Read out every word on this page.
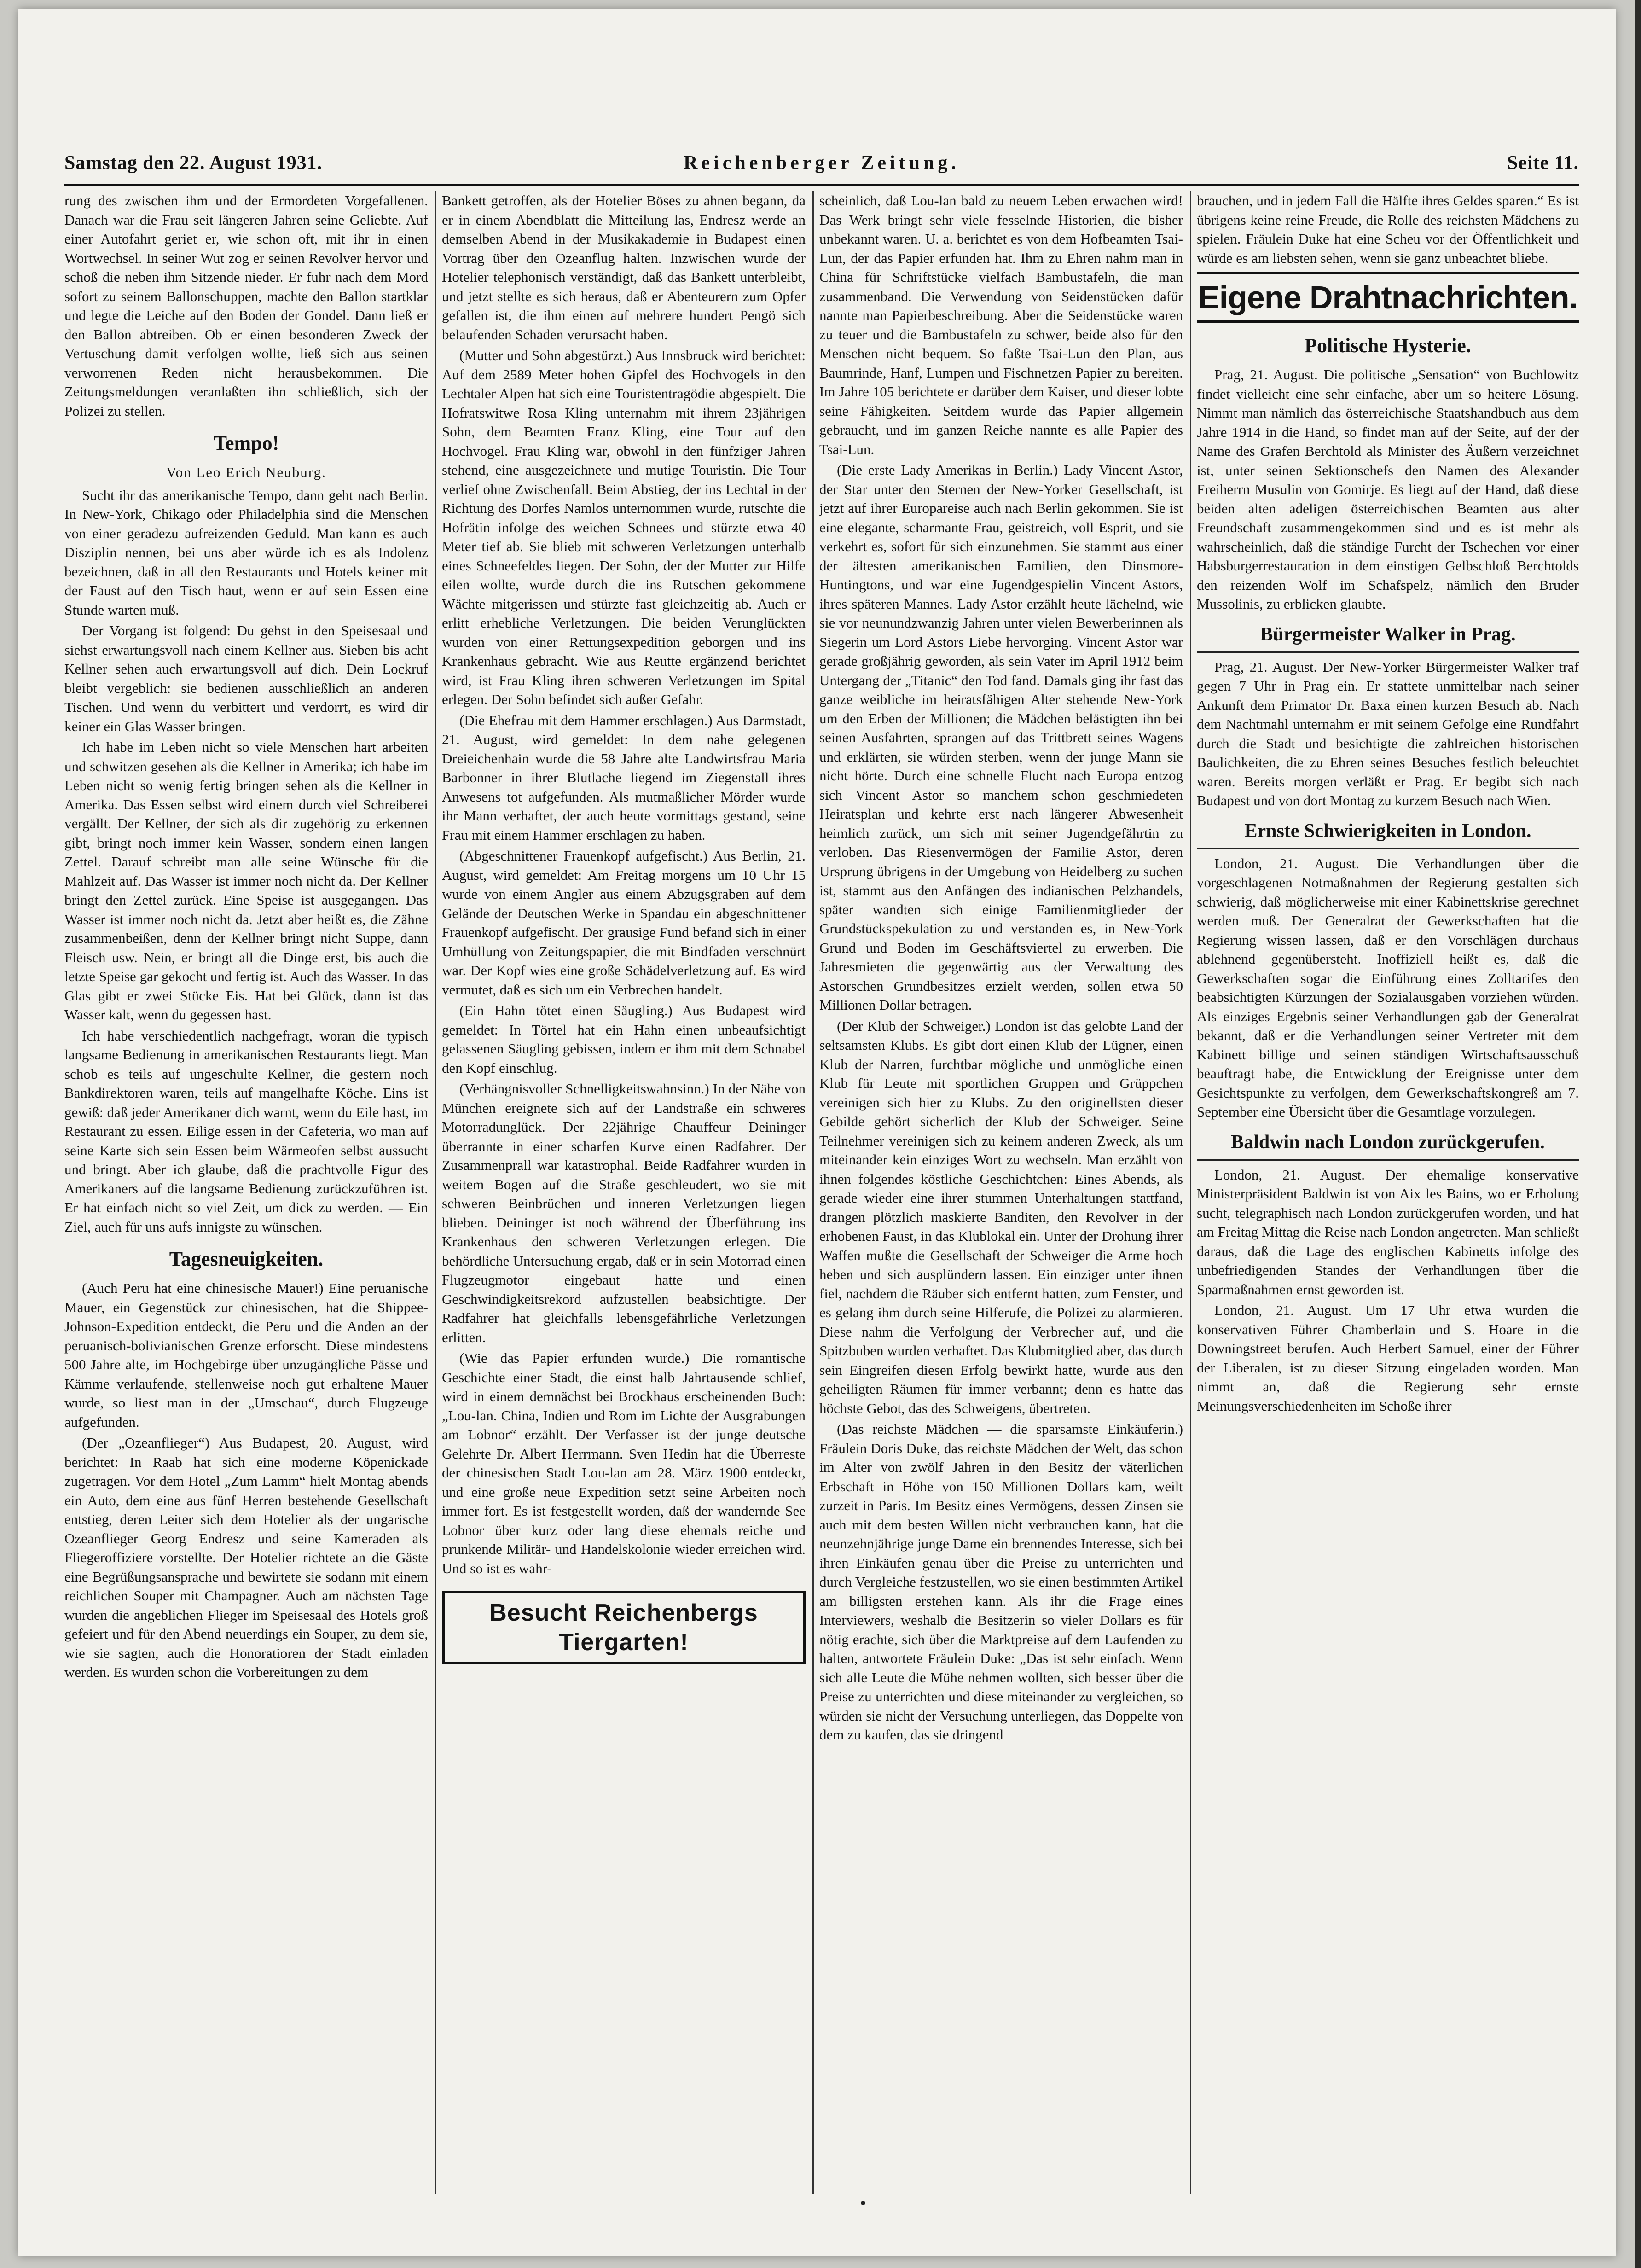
Samstag den 22. August 1931.	Reichenberger Zeitung.	Seite 11.

rung des zwischen ihm und der Ermordeten Vorgefallenen. Danach war die Frau seit längeren Jahren seine Geliebte. Auf einer Autofahrt geriet er, wie schon oft, mit ihr in einen Wortwechsel. In seiner Wut zog er seinen Revolver hervor und schoß die neben ihm Sitzende nieder. Er fuhr nach dem Mord sofort zu seinem Ballonschuppen, machte den Ballon startklar und legte die Leiche auf den Boden der Gondel. Dann ließ er den Ballon abtreiben. Ob er einen besonderen Zweck der Vertuschung damit verfolgen wollte, ließ sich aus seinen verworrenen Reden nicht herausbekommen. Die Zeitungsmeldungen veranlaßten ihn schließlich, sich der Polizei zu stellen.

Tempo!
Von Leo Erich Neuburg.

Sucht ihr das amerikanische Tempo, dann geht nach Berlin. In New-York, Chikago oder Philadelphia sind die Menschen von einer geradezu aufreizenden Geduld. Man kann es auch Disziplin nennen, bei uns aber würde ich es als Indolenz bezeichnen, daß in all den Restaurants und Hotels keiner mit der Faust auf den Tisch haut, wenn er auf sein Essen eine Stunde warten muß.

Der Vorgang ist folgend: Du gehst in den Speisesaal und siehst erwartungsvoll nach einem Kellner aus. Sieben bis acht Kellner sehen auch erwartungsvoll auf dich. Dein Lockruf bleibt vergeblich: sie bedienen ausschließlich an anderen Tischen. Und wenn du verbittert und verdorrt, es wird dir keiner ein Glas Wasser bringen.

Ich habe im Leben nicht so viele Menschen hart arbeiten und schwitzen gesehen als die Kellner in Amerika; ich habe im Leben nicht so wenig fertig bringen sehen als die Kellner in Amerika. Das Essen selbst wird einem durch viel Schreiberei vergällt. Der Kellner, der sich als dir zugehörig zu erkennen gibt, bringt noch immer kein Wasser, sondern einen langen Zettel. Darauf schreibt man alle seine Wünsche für die Mahlzeit auf. Das Wasser ist immer noch nicht da. Der Kellner bringt den Zettel zurück. Eine Speise ist ausgegangen. Das Wasser ist immer noch nicht da. Jetzt aber heißt es, die Zähne zusammenbeißen, denn der Kellner bringt nicht Suppe, dann Fleisch usw. Nein, er bringt all die Dinge erst, bis auch die letzte Speise gar gekocht und fertig ist. Auch das Wasser. In das Glas gibt er zwei Stücke Eis. Hat bei Glück, dann ist das Wasser kalt, wenn du gegessen hast.

Ich habe verschiedentlich nachgefragt, woran die typisch langsame Bedienung in amerikanischen Restaurants liegt. Man schob es teils auf ungeschulte Kellner, die gestern noch Bankdirektoren waren, teils auf mangelhafte Köche. Eins ist gewiß: daß jeder Amerikaner dich warnt, wenn du Eile hast, im Restaurant zu essen. Eilige essen in der Cafeteria, wo man auf seine Karte sich sein Essen beim Wärmeofen selbst aussucht und bringt. Aber ich glaube, daß die prachtvolle Figur des Amerikaners auf die langsame Bedienung zurückzuführen ist. Er hat einfach nicht so viel Zeit, um dick zu werden. — Ein Ziel, auch für uns aufs innigste zu wünschen.

Tagesneuigkeiten.

(Auch Peru hat eine chinesische Mauer!) Eine peruanische Mauer, ein Gegenstück zur chinesischen, hat die Shippee-Johnson-Expedition entdeckt, die Peru und die Anden an der peruanisch-bolivianischen Grenze erforscht. Diese mindestens 500 Jahre alte, im Hochgebirge über unzugängliche Pässe und Kämme verlaufende, stellenweise noch gut erhaltene Mauer wurde, so liest man in der „Umschau“, durch Flugzeuge aufgefunden.

(Der „Ozeanflieger“) Aus Budapest, 20. August, wird berichtet: In Raab hat sich eine moderne Köpenickade zugetragen. Vor dem Hotel „Zum Lamm“ hielt Montag abends ein Auto, dem eine aus fünf Herren bestehende Gesellschaft entstieg, deren Leiter sich dem Hotelier als der ungarische Ozeanflieger Georg Endresz und seine Kameraden als Fliegeroffiziere vorstellte. Der Hotelier richtete an die Gäste eine Begrüßungsansprache und bewirtete sie sodann mit einem reichlichen Souper mit Champagner. Auch am nächsten Tage wurden die angeblichen Flieger im Speisesaal des Hotels groß gefeiert und für den Abend neuerdings ein Souper, zu dem sie, wie sie sagten, auch die Honoratioren der Stadt einladen werden. Es wurden schon die Vorbereitungen zu dem

Bankett getroffen, als der Hotelier Böses zu ahnen begann, da er in einem Abendblatt die Mitteilung las, Endresz werde an demselben Abend in der Musikakademie in Budapest einen Vortrag über den Ozeanflug halten. Inzwischen wurde der Hotelier telephonisch verständigt, daß das Bankett unterbleibt, und jetzt stellte es sich heraus, daß er Abenteurern zum Opfer gefallen ist, die ihm einen auf mehrere hundert Pengö sich belaufenden Schaden verursacht haben.

(Mutter und Sohn abgestürzt.) Aus Innsbruck wird berichtet: Auf dem 2589 Meter hohen Gipfel des Hochvogels in den Lechtaler Alpen hat sich eine Touristentragödie abgespielt. Die Hofratswitwe Rosa Kling unternahm mit ihrem 23jährigen Sohn, dem Beamten Franz Kling, eine Tour auf den Hochvogel. Frau Kling war, obwohl in den fünfziger Jahren stehend, eine ausgezeichnete und mutige Touristin. Die Tour verlief ohne Zwischenfall. Beim Abstieg, der ins Lechtal in der Richtung des Dorfes Namlos unternommen wurde, rutschte die Hofrätin infolge des weichen Schnees und stürzte etwa 40 Meter tief ab. Sie blieb mit schweren Verletzungen unterhalb eines Schneefeldes liegen. Der Sohn, der der Mutter zur Hilfe eilen wollte, wurde durch die ins Rutschen gekommene Wächte mitgerissen und stürzte fast gleichzeitig ab. Auch er erlitt erhebliche Verletzungen. Die beiden Verunglückten wurden von einer Rettungsexpedition geborgen und ins Krankenhaus gebracht. Wie aus Reutte ergänzend berichtet wird, ist Frau Kling ihren schweren Verletzungen im Spital erlegen. Der Sohn befindet sich außer Gefahr.

(Die Ehefrau mit dem Hammer erschlagen.) Aus Darmstadt, 21. August, wird gemeldet: In dem nahe gelegenen Dreieichenhain wurde die 58 Jahre alte Landwirtsfrau Maria Barbonner in ihrer Blutlache liegend im Ziegenstall ihres Anwesens tot aufgefunden. Als mutmaßlicher Mörder wurde ihr Mann verhaftet, der auch heute vormittags gestand, seine Frau mit einem Hammer erschlagen zu haben.

(Abgeschnittener Frauenkopf aufgefischt.) Aus Berlin, 21. August, wird gemeldet: Am Freitag morgens um 10 Uhr 15 wurde von einem Angler aus einem Abzugsgraben auf dem Gelände der Deutschen Werke in Spandau ein abgeschnittener Frauenkopf aufgefischt. Der grausige Fund befand sich in einer Umhüllung von Zeitungspapier, die mit Bindfaden verschnürt war. Der Kopf wies eine große Schädelverletzung auf. Es wird vermutet, daß es sich um ein Verbrechen handelt.

(Ein Hahn tötet einen Säugling.) Aus Budapest wird gemeldet: In Törtel hat ein Hahn einen unbeaufsichtigt gelassenen Säugling gebissen, indem er ihm mit dem Schnabel den Kopf einschlug.

(Verhängnisvoller Schnelligkeitswahnsinn.) In der Nähe von München ereignete sich auf der Landstraße ein schweres Motorradunglück. Der 22jährige Chauffeur Deininger überrannte in einer scharfen Kurve einen Radfahrer. Der Zusammenprall war katastrophal. Beide Radfahrer wurden in weitem Bogen auf die Straße geschleudert, wo sie mit schweren Beinbrüchen und inneren Verletzungen liegen blieben. Deininger ist noch während der Überführung ins Krankenhaus den schweren Verletzungen erlegen. Die behördliche Untersuchung ergab, daß er in sein Motorrad einen Flugzeugmotor eingebaut hatte und einen Geschwindigkeitsrekord aufzustellen beabsichtigte. Der Radfahrer hat gleichfalls lebensgefährliche Verletzungen erlitten.

(Wie das Papier erfunden wurde.) Die romantische Geschichte einer Stadt, die einst halb Jahrtausende schlief, wird in einem demnächst bei Brockhaus erscheinenden Buch: „Lou-lan. China, Indien und Rom im Lichte der Ausgrabungen am Lobnor“ erzählt. Der Verfasser ist der junge deutsche Gelehrte Dr. Albert Herrmann. Sven Hedin hat die Überreste der chinesischen Stadt Lou-lan am 28. März 1900 entdeckt, und eine große neue Expedition setzt seine Arbeiten noch immer fort. Es ist festgestellt worden, daß der wandernde See Lobnor über kurz oder lang diese ehemals reiche und prunkende Militär- und Handelskolonie wieder erreichen wird. Und so ist es wahr-

Besucht Reichenbergs Tiergarten!

scheinlich, daß Lou-lan bald zu neuem Leben erwachen wird! Das Werk bringt sehr viele fesselnde Historien, die bisher unbekannt waren. U. a. berichtet es von dem Hofbeamten Tsai-Lun, der das Papier erfunden hat. Ihm zu Ehren nahm man in China für Schriftstücke vielfach Bambustafeln, die man zusammenband. Die Verwendung von Seidenstücken dafür nannte man Papierbeschreibung. Aber die Seidenstücke waren zu teuer und die Bambustafeln zu schwer, beide also für den Menschen nicht bequem. So faßte Tsai-Lun den Plan, aus Baumrinde, Hanf, Lumpen und Fischnetzen Papier zu bereiten. Im Jahre 105 berichtete er darüber dem Kaiser, und dieser lobte seine Fähigkeiten. Seitdem wurde das Papier allgemein gebraucht, und im ganzen Reiche nannte es alle Papier des Tsai-Lun.

(Die erste Lady Amerikas in Berlin.) Lady Vincent Astor, der Star unter den Sternen der New-Yorker Gesellschaft, ist jetzt auf ihrer Europareise auch nach Berlin gekommen. Sie ist eine elegante, scharmante Frau, geistreich, voll Esprit, und sie verkehrt es, sofort für sich einzunehmen. Sie stammt aus einer der ältesten amerikanischen Familien, den Dinsmore-Huntingtons, und war eine Jugendgespielin Vincent Astors, ihres späteren Mannes. Lady Astor erzählt heute lächelnd, wie sie vor neunundzwanzig Jahren unter vielen Bewerberinnen als Siegerin um Lord Astors Liebe hervorging. Vincent Astor war gerade großjährig geworden, als sein Vater im April 1912 beim Untergang der „Titanic“ den Tod fand. Damals ging ihr fast das ganze weibliche im heiratsfähigen Alter stehende New-York um den Erben der Millionen; die Mädchen belästigten ihn bei seinen Ausfahrten, sprangen auf das Trittbrett seines Wagens und erklärten, sie würden sterben, wenn der junge Mann sie nicht hörte. Durch eine schnelle Flucht nach Europa entzog sich Vincent Astor so manchem schon geschmiedeten Heiratsplan und kehrte erst nach längerer Abwesenheit heimlich zurück, um sich mit seiner Jugendgefährtin zu verloben. Das Riesenvermögen der Familie Astor, deren Ursprung übrigens in der Umgebung von Heidelberg zu suchen ist, stammt aus den Anfängen des indianischen Pelzhandels, später wandten sich einige Familienmitglieder der Grundstückspekulation zu und verstanden es, in New-York Grund und Boden im Geschäftsviertel zu erwerben. Die Jahresmieten die gegenwärtig aus der Verwaltung des Astorschen Grundbesitzes erzielt werden, sollen etwa 50 Millionen Dollar betragen.

(Der Klub der Schweiger.) London ist das gelobte Land der seltsamsten Klubs. Es gibt dort einen Klub der Lügner, einen Klub der Narren, furchtbar mögliche und unmögliche einen Klub für Leute mit sportlichen Gruppen und Grüppchen vereinigen sich hier zu Klubs. Zu den originellsten dieser Gebilde gehört sicherlich der Klub der Schweiger. Seine Teilnehmer vereinigen sich zu keinem anderen Zweck, als um miteinander kein einziges Wort zu wechseln. Man erzählt von ihnen folgendes köstliche Geschichtchen: Eines Abends, als gerade wieder eine ihrer stummen Unterhaltungen stattfand, drangen plötzlich maskierte Banditen, den Revolver in der erhobenen Faust, in das Klublokal ein. Unter der Drohung ihrer Waffen mußte die Gesellschaft der Schweiger die Arme hoch heben und sich ausplündern lassen. Ein einziger unter ihnen fiel, nachdem die Räuber sich entfernt hatten, zum Fenster, und es gelang ihm durch seine Hilferufe, die Polizei zu alarmieren. Diese nahm die Verfolgung der Verbrecher auf, und die Spitzbuben wurden verhaftet. Das Klubmitglied aber, das durch sein Eingreifen diesen Erfolg bewirkt hatte, wurde aus den geheiligten Räumen für immer verbannt; denn es hatte das höchste Gebot, das des Schweigens, übertreten.

(Das reichste Mädchen — die sparsamste Einkäuferin.) Fräulein Doris Duke, das reichste Mädchen der Welt, das schon im Alter von zwölf Jahren in den Besitz der väterlichen Erbschaft in Höhe von 150 Millionen Dollars kam, weilt zurzeit in Paris. Im Besitz eines Vermögens, dessen Zinsen sie auch mit dem besten Willen nicht verbrauchen kann, hat die neunzehnjährige junge Dame ein brennendes Interesse, sich bei ihren Einkäufen genau über die Preise zu unterrichten und durch Vergleiche festzustellen, wo sie einen bestimmten Artikel am billigsten erstehen kann. Als ihr die Frage eines Interviewers, weshalb die Besitzerin so vieler Dollars es für nötig erachte, sich über die Marktpreise auf dem Laufenden zu halten, antwortete Fräulein Duke: „Das ist sehr einfach. Wenn sich alle Leute die Mühe nehmen wollten, sich besser über die Preise zu unterrichten und diese miteinander zu vergleichen, so würden sie nicht der Versuchung unterliegen, das Doppelte von dem zu kaufen, das sie dringend

brauchen, und in jedem Fall die Hälfte ihres Geldes sparen.“ Es ist übrigens keine reine Freude, die Rolle des reichsten Mädchens zu spielen. Fräulein Duke hat eine Scheu vor der Öffentlichkeit und würde es am liebsten sehen, wenn sie ganz unbeachtet bliebe.

Eigene Drahtnachrichten.
Politische Hysterie.

Prag, 21. August. Die politische „Sensation“ von Buchlowitz findet vielleicht eine sehr einfache, aber um so heitere Lösung. Nimmt man nämlich das österreichische Staatshandbuch aus dem Jahre 1914 in die Hand, so findet man auf der Seite, auf der der Name des Grafen Berchtold als Minister des Äußern verzeichnet ist, unter seinen Sektionschefs den Namen des Alexander Freiherrn Musulin von Gomirje. Es liegt auf der Hand, daß diese beiden alten adeligen österreichischen Beamten aus alter Freundschaft zusammengekommen sind und es ist mehr als wahrscheinlich, daß die ständige Furcht der Tschechen vor einer Habsburgerrestauration in dem einstigen Gelbschloß Berchtolds den reizenden Wolf im Schafspelz, nämlich den Bruder Mussolinis, zu erblicken glaubte.

Bürgermeister Walker in Prag.

Prag, 21. August. Der New-Yorker Bürgermeister Walker traf gegen 7 Uhr in Prag ein. Er stattete unmittelbar nach seiner Ankunft dem Primator Dr. Baxa einen kurzen Besuch ab. Nach dem Nachtmahl unternahm er mit seinem Gefolge eine Rundfahrt durch die Stadt und besichtigte die zahlreichen historischen Baulichkeiten, die zu Ehren seines Besuches festlich beleuchtet waren. Bereits morgen verläßt er Prag. Er begibt sich nach Budapest und von dort Montag zu kurzem Besuch nach Wien.

Ernste Schwierigkeiten in London.

London, 21. August. Die Verhandlungen über die vorgeschlagenen Notmaßnahmen der Regierung gestalten sich schwierig, daß möglicherweise mit einer Kabinettskrise gerechnet werden muß. Der Generalrat der Gewerkschaften hat die Regierung wissen lassen, daß er den Vorschlägen durchaus ablehnend gegenübersteht. Inoffiziell heißt es, daß die Gewerkschaften sogar die Einführung eines Zolltarifes den beabsichtigten Kürzungen der Sozialausgaben vorziehen würden. Als einziges Ergebnis seiner Verhandlungen gab der Generalrat bekannt, daß er die Verhandlungen seiner Vertreter mit dem Kabinett billige und seinen ständigen Wirtschaftsausschuß beauftragt habe, die Entwicklung der Ereignisse unter dem Gesichtspunkte zu verfolgen, dem Gewerkschaftskongreß am 7. September eine Übersicht über die Gesamtlage vorzulegen.

Baldwin nach London zurückgerufen.

London, 21. August. Der ehemalige konservative Ministerpräsident Baldwin ist von Aix les Bains, wo er Erholung sucht, telegraphisch nach London zurückgerufen worden, und hat am Freitag Mittag die Reise nach London angetreten. Man schließt daraus, daß die Lage des englischen Kabinetts infolge des unbefriedigenden Standes der Verhandlungen über die Sparmaßnahmen ernst geworden ist.

London, 21. August. Um 17 Uhr etwa wurden die konservativen Führer Chamberlain und S. Hoare in die Downingstreet berufen. Auch Herbert Samuel, einer der Führer der Liberalen, ist zu dieser Sitzung eingeladen worden. Man nimmt an, daß die Regierung sehr ernste Meinungsverschiedenheiten im Schoße ihrer
